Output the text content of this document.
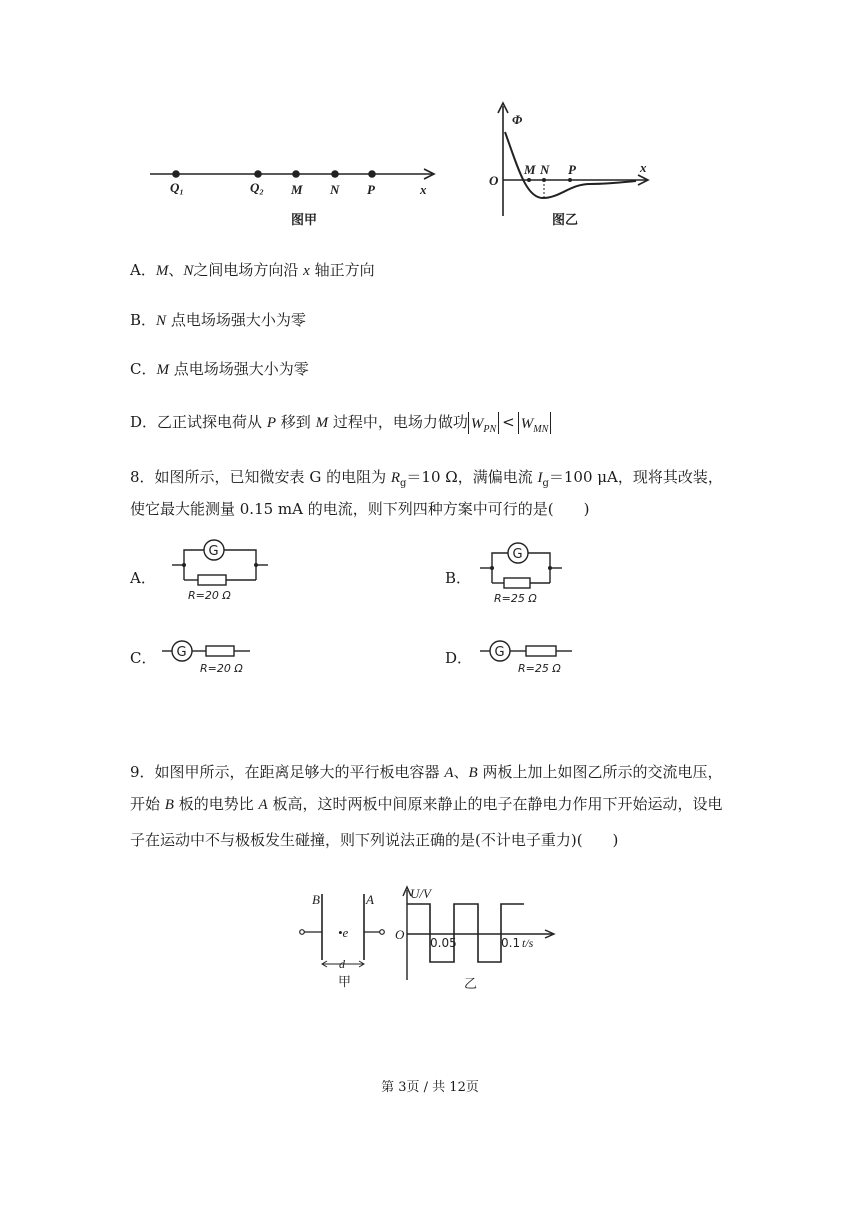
Q₁	Q₂ M N P	x
图甲
Φ
O
M N P	x
图乙
A．M、N之间电场方向沿 x 轴正方向
B．N 点电场场强大小为零
C．M 点电场场强大小为零
D．乙正试探电荷从 P 移到 M 过程中，电场力做功 $W_{PN} < W_{MN}$
8．如图所示，已知微安表 G 的电阻为 $R_g=10$ Ω，满偏电流 $I_g=100$ μA，现将其改装，
使它最大能测量 0.15 mA 的电流，则下列四种方案中可行的是(　　)
A．
G
R=20 Ω
B．
G
R=25 Ω
C． G
R=20 Ω
D． G
R=25 Ω
9．如图甲所示，在距离足够大的平行板电容器 A、B 两板上加上如图乙所示的交流电压，
开始 B 板的电势比 A 板高，这时两板中间原来静止的电子在静电力作用下开始运动，设电
子在运动中不与极板发生碰撞，则下列说法正确的是(不计电子重力)(　　)
B	A
•e
d
甲
U/V
O
0.05	0.1 t/s
乙
第 3页 / 共 12页
